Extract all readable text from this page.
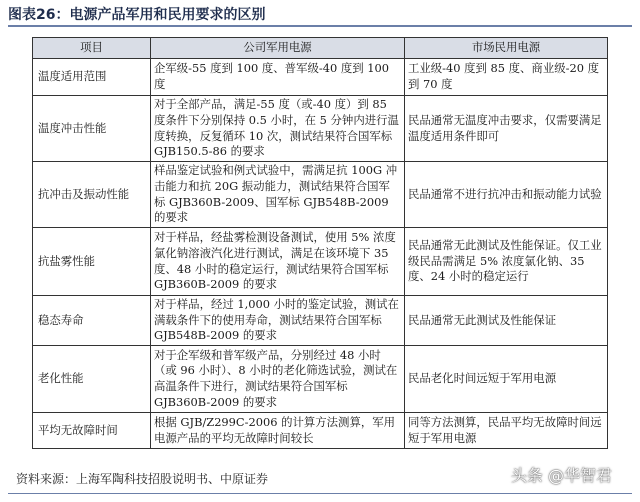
图表26：电源产品军用和民用要求的区别
项目	公司军用电源	市场民用电源
温度适用范围	企军级-55 度到 100 度、普军级-40 度到 100 度	工业级-40 度到 85 度、商业级-20 度到 70 度
温度冲击性能	对于全部产品，满足-55 度（或-40 度）到 85 度条件下分别保持 0.5 小时，在 5 分钟内进行温度转换，反复循环 10 次，测试结果符合国军标 GJB150.5-86 的要求	民品通常无温度冲击要求，仅需要满足温度适用条件即可
抗冲击及振动性能	样品鉴定试验和例式试验中，需满足抗 100G 冲击能力和抗 20G 振动能力，测试结果符合国军标 GJB360B-2009、国军标 GJB548B-2009 的要求	民品通常不进行抗冲击和振动能力试验
抗盐雾性能	对于样品，经盐雾检测设备测试，使用 5% 浓度氯化钠溶液汽化进行测试，满足在该环境下 35 度、48 小时的稳定运行，测试结果符合国军标 GJB360B-2009 的要求	民品通常无此测试及性能保证。仅工业级民品需满足 5% 浓度氯化钠、35 度、24 小时的稳定运行
稳态寿命	对于样品，经过 1,000 小时的鉴定试验，测试在满载条件下的使用寿命，测试结果符合国军标 GJB548B-2009 的要求	民品通常无此测试及性能保证
老化性能	对于企军级和普军级产品，分别经过 48 小时（或 96 小时）、8 小时的老化筛选试验，测试在高温条件下进行，测试结果符合国军标 GJB360B-2009 的要求	民品老化时间远短于军用电源
平均无故障时间	根据 GJB/Z299C-2006 的计算方法测算，军用电源产品的平均无故障时间较长	同等方法测算，民品平均无故障时间远短于军用电源
资料来源：上海军陶科技招股说明书、中原证券	头条 @华智君
